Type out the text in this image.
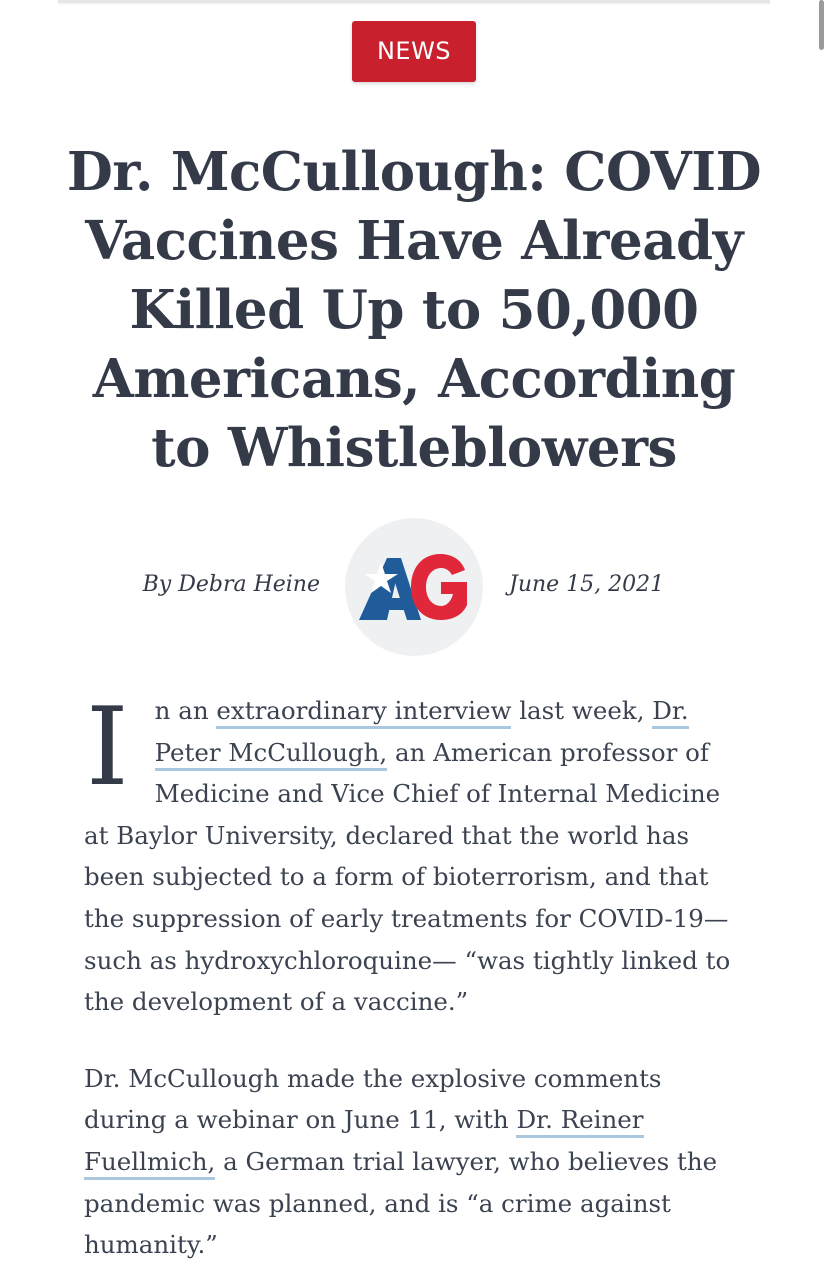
NEWS
Dr. McCullough: COVID Vaccines Have Already Killed Up to 50,000 Americans, According to Whistleblowers
By Debra Heine	June 15, 2021

I n an extraordinary interview last week, Dr. Peter McCullough, an American professor of Medicine and Vice Chief of Internal Medicine at Baylor University, declared that the world has been subjected to a form of bioterrorism, and that the suppression of early treatments for COVID-19—such as hydroxychloroquine— “was tightly linked to the development of a vaccine.”

Dr. McCullough made the explosive comments during a webinar on June 11, with Dr. Reiner Fuellmich, a German trial lawyer, who believes the pandemic was planned, and is “a crime against humanity.”
